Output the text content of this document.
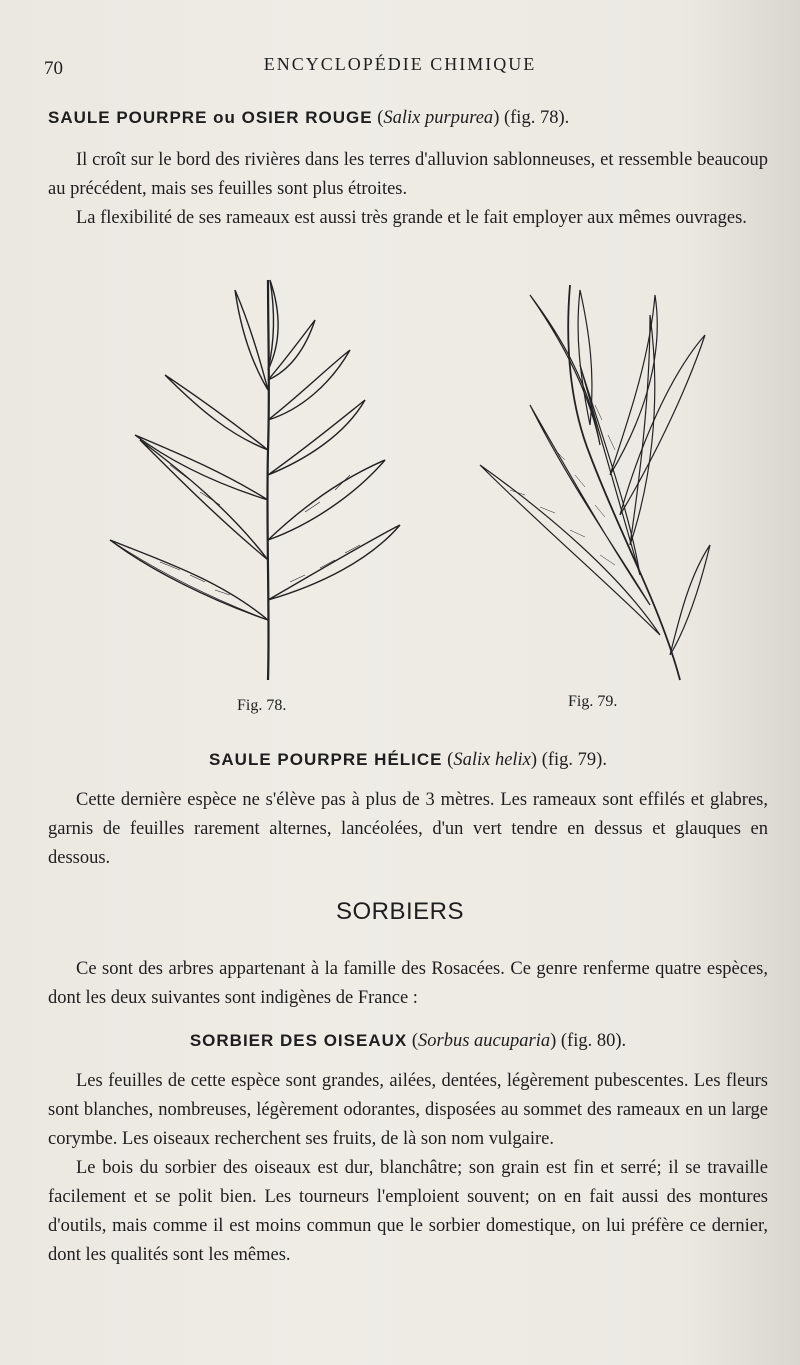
70	ENCYCLOPÉDIE CHIMIQUE
SAULE POURPRE ou OSIER ROUGE (Salix purpurea) (fig. 78).

Il croît sur le bord des rivières dans les terres d'alluvion sablonneuses, et ressemble beaucoup au précédent, mais ses feuilles sont plus étroites.

La flexibilité de ses rameaux est aussi très grande et le fait employer aux mêmes ouvrages.

Fig. 78.	Fig. 79.
SAULE POURPRE HÉLICE (Salix helix) (fig. 79).

Cette dernière espèce ne s'élève pas à plus de 3 mètres. Les rameaux sont effilés et glabres, garnis de feuilles rarement alternes, lancéolées, d'un vert tendre en dessus et glauques en dessous.

SORBIERS

Ce sont des arbres appartenant à la famille des Rosacées. Ce genre renferme quatre espèces, dont les deux suivantes sont indigènes de France :

SORBIER DES OISEAUX (Sorbus aucuparia) (fig. 80).

Les feuilles de cette espèce sont grandes, ailées, dentées, légèrement pubescentes. Les fleurs sont blanches, nombreuses, légèrement odorantes, disposées au sommet des rameaux en un large corymbe. Les oiseaux recherchent ses fruits, de là son nom vulgaire.

Le bois du sorbier des oiseaux est dur, blanchâtre; son grain est fin et serré; il se travaille facilement et se polit bien. Les tourneurs l'emploient souvent; on en fait aussi des montures d'outils, mais comme il est moins commun que le sorbier domestique, on lui préfère ce dernier, dont les qualités sont les mêmes.
